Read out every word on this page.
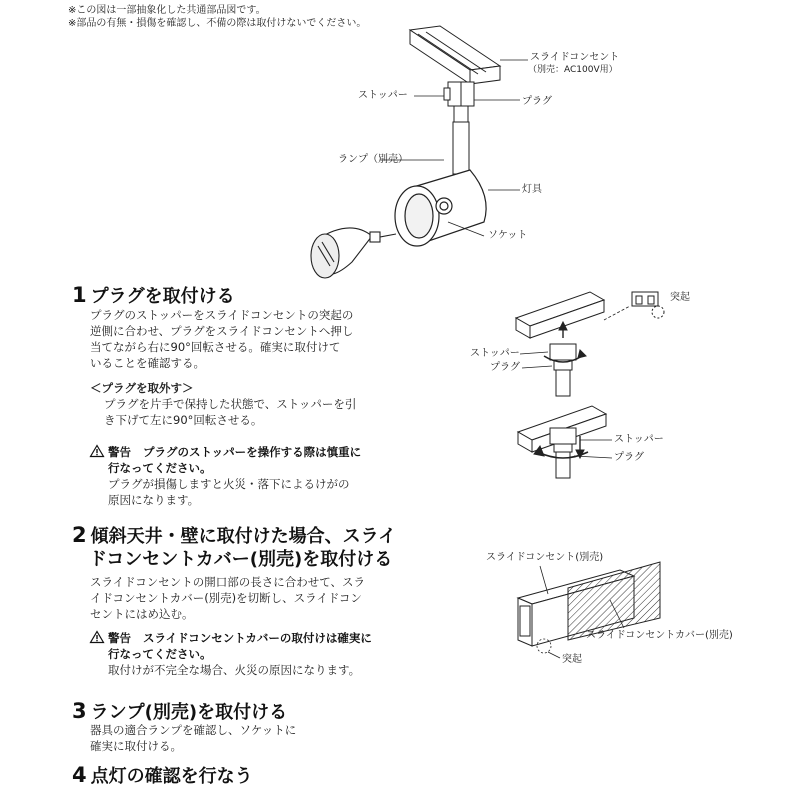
※この図は一部抽象化した共通部品図です。
※部品の有無・損傷を確認し、不備の際は取付けないでください。
スライドコンセント
（別売：AC100V用）
ストッパー
プラグ
ランプ（別売）
灯具
ソケット
1 プラグを取付ける
プラグのストッパーをスライドコンセントの突起の
逆側に合わせ、プラグをスライドコンセントへ押し
当てながら右に90°回転させる。確実に取付けて
いることを確認する。
＜プラグを取外す＞
プラグを片手で保持した状態で、ストッパーを引
き下げて左に90°回転させる。
警告 プラグのストッパーを操作する際は慎重に
行なってください。
プラグが損傷しますと火災・落下によるけがの
原因になります。
突起
ストッパー
プラグ
ストッパー
プラグ
2 傾斜天井・壁に取付けた場合、スライ
ドコンセントカバー(別売)を取付ける
スライドコンセントの開口部の長さに合わせて、スラ
イドコンセントカバー(別売)を切断し、スライドコン
セントにはめ込む。
警告 スライドコンセントカバーの取付けは確実に
行なってください。
取付けが不完全な場合、火災の原因になります。
スライドコンセント(別売)
スライドコンセントカバー(別売)
突起
3 ランプ(別売)を取付ける
器具の適合ランプを確認し、ソケットに
確実に取付ける。
4 点灯の確認を行なう
